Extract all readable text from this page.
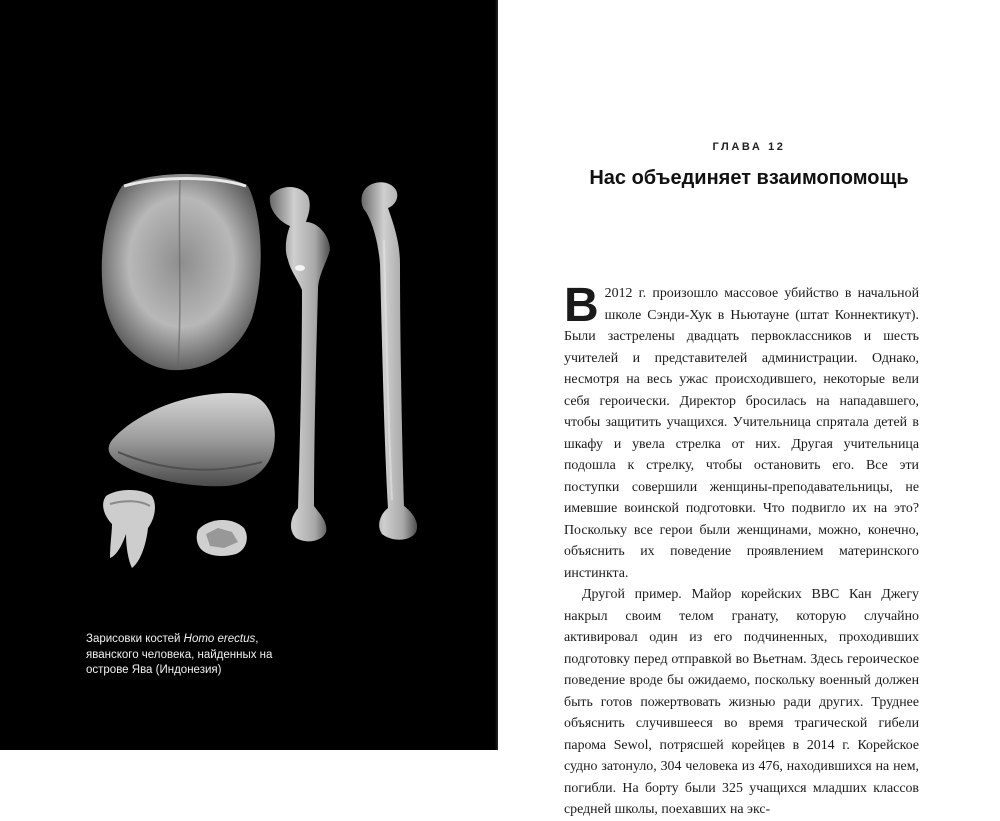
Зарисовки костей Homo erectus, яванского человека, найденных на острове Ява (Индонезия)

ГЛАВА 12

Нас объединяет взаимопомощь

В 2012 г. произошло массовое убийство в начальной школе Сэнди-Хук в Ньютауне (штат Коннектикут). Были застрелены двадцать первоклассников и шесть учителей и представителей администрации. Однако, несмотря на весь ужас происходившего, некоторые вели себя героически. Директор бросилась на нападавшего, чтобы защитить учащихся. Учительница спрятала детей в шкафу и увела стрелка от них. Другая учительница подошла к стрелку, чтобы остановить его. Все эти поступки совершили женщины-преподавательницы, не имевшие воинской подготовки. Что подвигло их на это? Поскольку все герои были женщинами, можно, конечно, объяснить их поведение проявлением материнского инстинкта.

Другой пример. Майор корейских ВВС Кан Джегу накрыл своим телом гранату, которую случайно активировал один из его подчиненных, проходивших подготовку перед отправкой во Вьетнам. Здесь героическое поведение вроде бы ожидаемо, поскольку военный должен быть готов пожертвовать жизнью ради других. Труднее объяснить случившееся во время трагической гибели парома Sewol, потрясшей корейцев в 2014 г. Корейское судно затонуло, 304 человека из 476, находившихся на нем, погибли. На борту были 325 учащихся младших классов средней школы, поехавших на экс-
